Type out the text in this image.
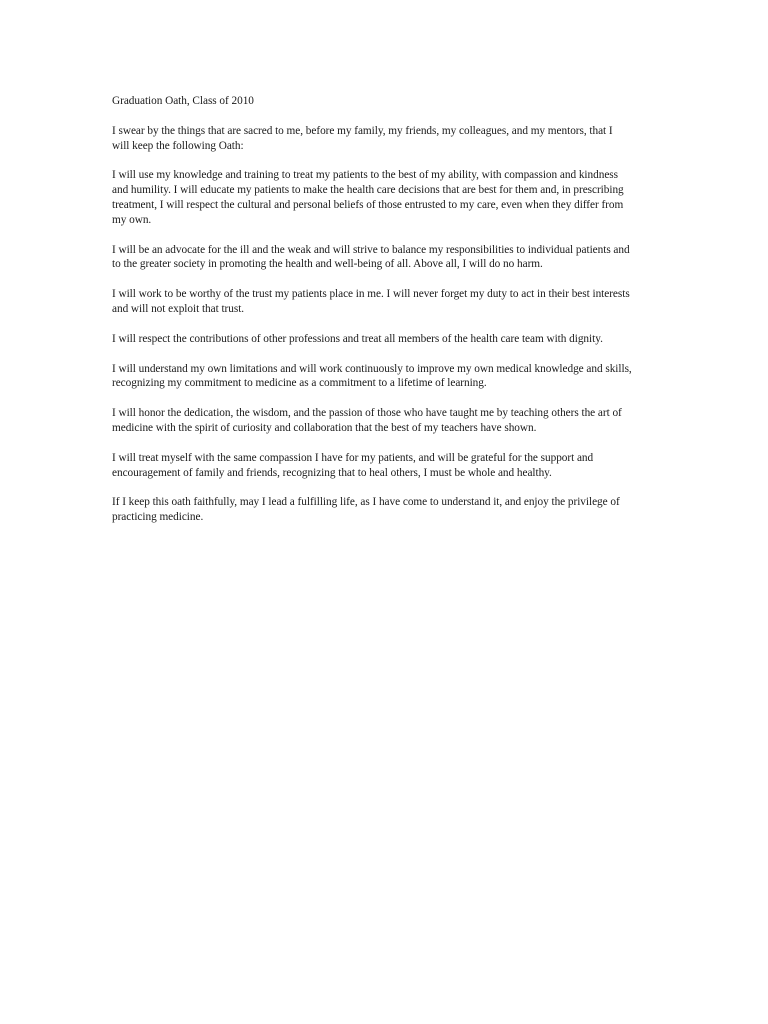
Graduation Oath, Class of 2010

I swear by the things that are sacred to me, before my family, my friends, my colleagues, and my mentors, that I will keep the following Oath:

I will use my knowledge and training to treat my patients to the best of my ability, with compassion and kindness and humility. I will educate my patients to make the health care decisions that are best for them and, in prescribing treatment, I will respect the cultural and personal beliefs of those entrusted to my care, even when they differ from my own.

I will be an advocate for the ill and the weak and will strive to balance my responsibilities to individual patients and to the greater society in promoting the health and well-being of all. Above all, I will do no harm.

I will work to be worthy of the trust my patients place in me. I will never forget my duty to act in their best interests and will not exploit that trust.

I will respect the contributions of other professions and treat all members of the health care team with dignity.

I will understand my own limitations and will work continuously to improve my own medical knowledge and skills, recognizing my commitment to medicine as a commitment to a lifetime of learning.

I will honor the dedication, the wisdom, and the passion of those who have taught me by teaching others the art of medicine with the spirit of curiosity and collaboration that the best of my teachers have shown.

I will treat myself with the same compassion I have for my patients, and will be grateful for the support and encouragement of family and friends, recognizing that to heal others, I must be whole and healthy.

If I keep this oath faithfully, may I lead a fulfilling life, as I have come to understand it, and enjoy the privilege of practicing medicine.
